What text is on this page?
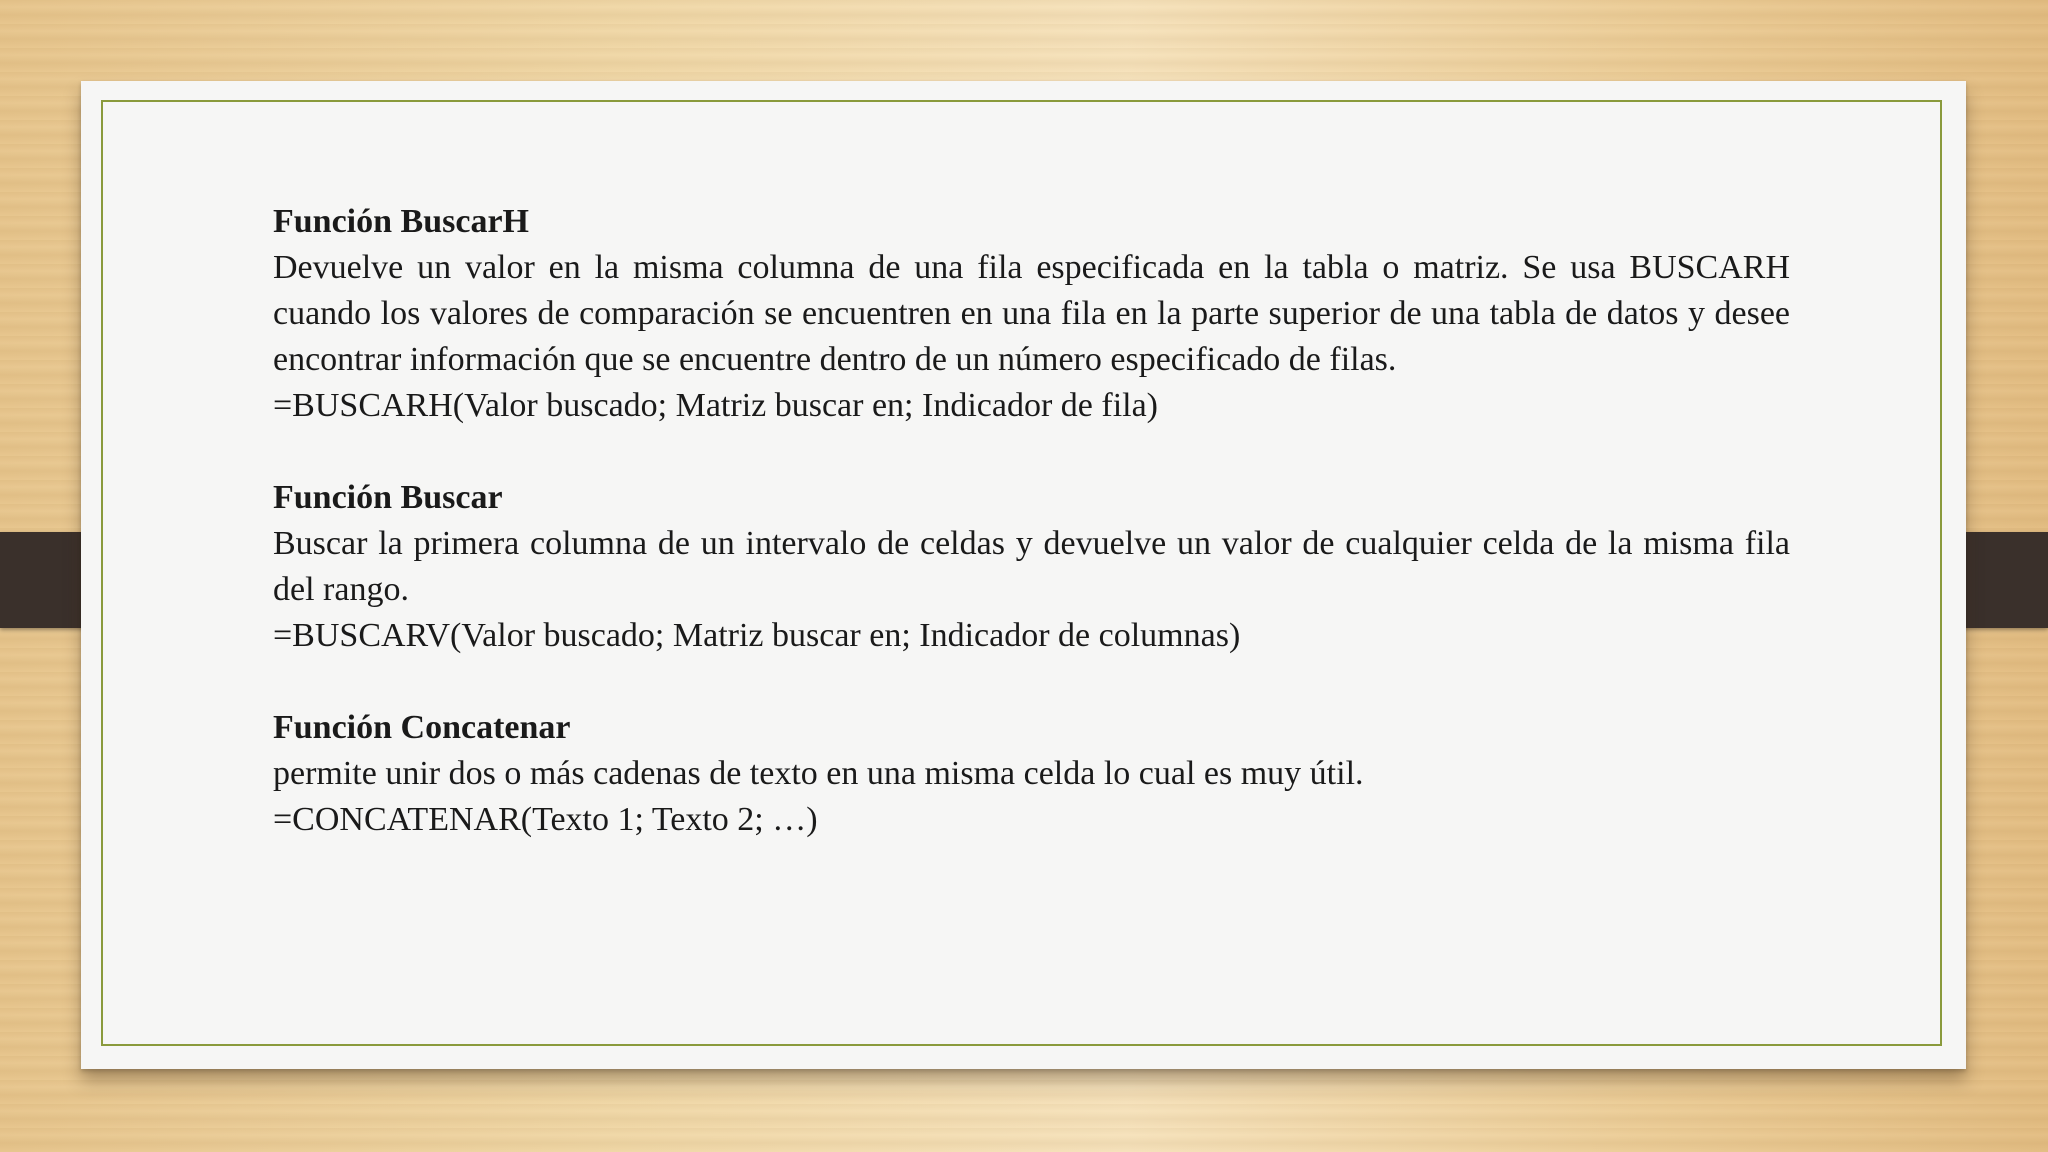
Función BuscarH
Devuelve un valor en la misma columna de una fila especificada en la tabla o matriz. Se usa BUSCARH cuando los valores de comparación se encuentren en una fila en la parte superior de una tabla de datos y desee encontrar información que se encuentre dentro de un número especificado de filas.
=BUSCARH(Valor buscado; Matriz buscar en; Indicador de fila)
Función Buscar
Buscar la primera columna de un intervalo de celdas y devuelve un valor de cualquier celda de la misma fila del rango.
=BUSCARV(Valor buscado; Matriz buscar en; Indicador de columnas)
Función Concatenar
permite unir dos o más cadenas de texto en una misma celda lo cual es muy útil.
=CONCATENAR(Texto 1; Texto 2; …)
